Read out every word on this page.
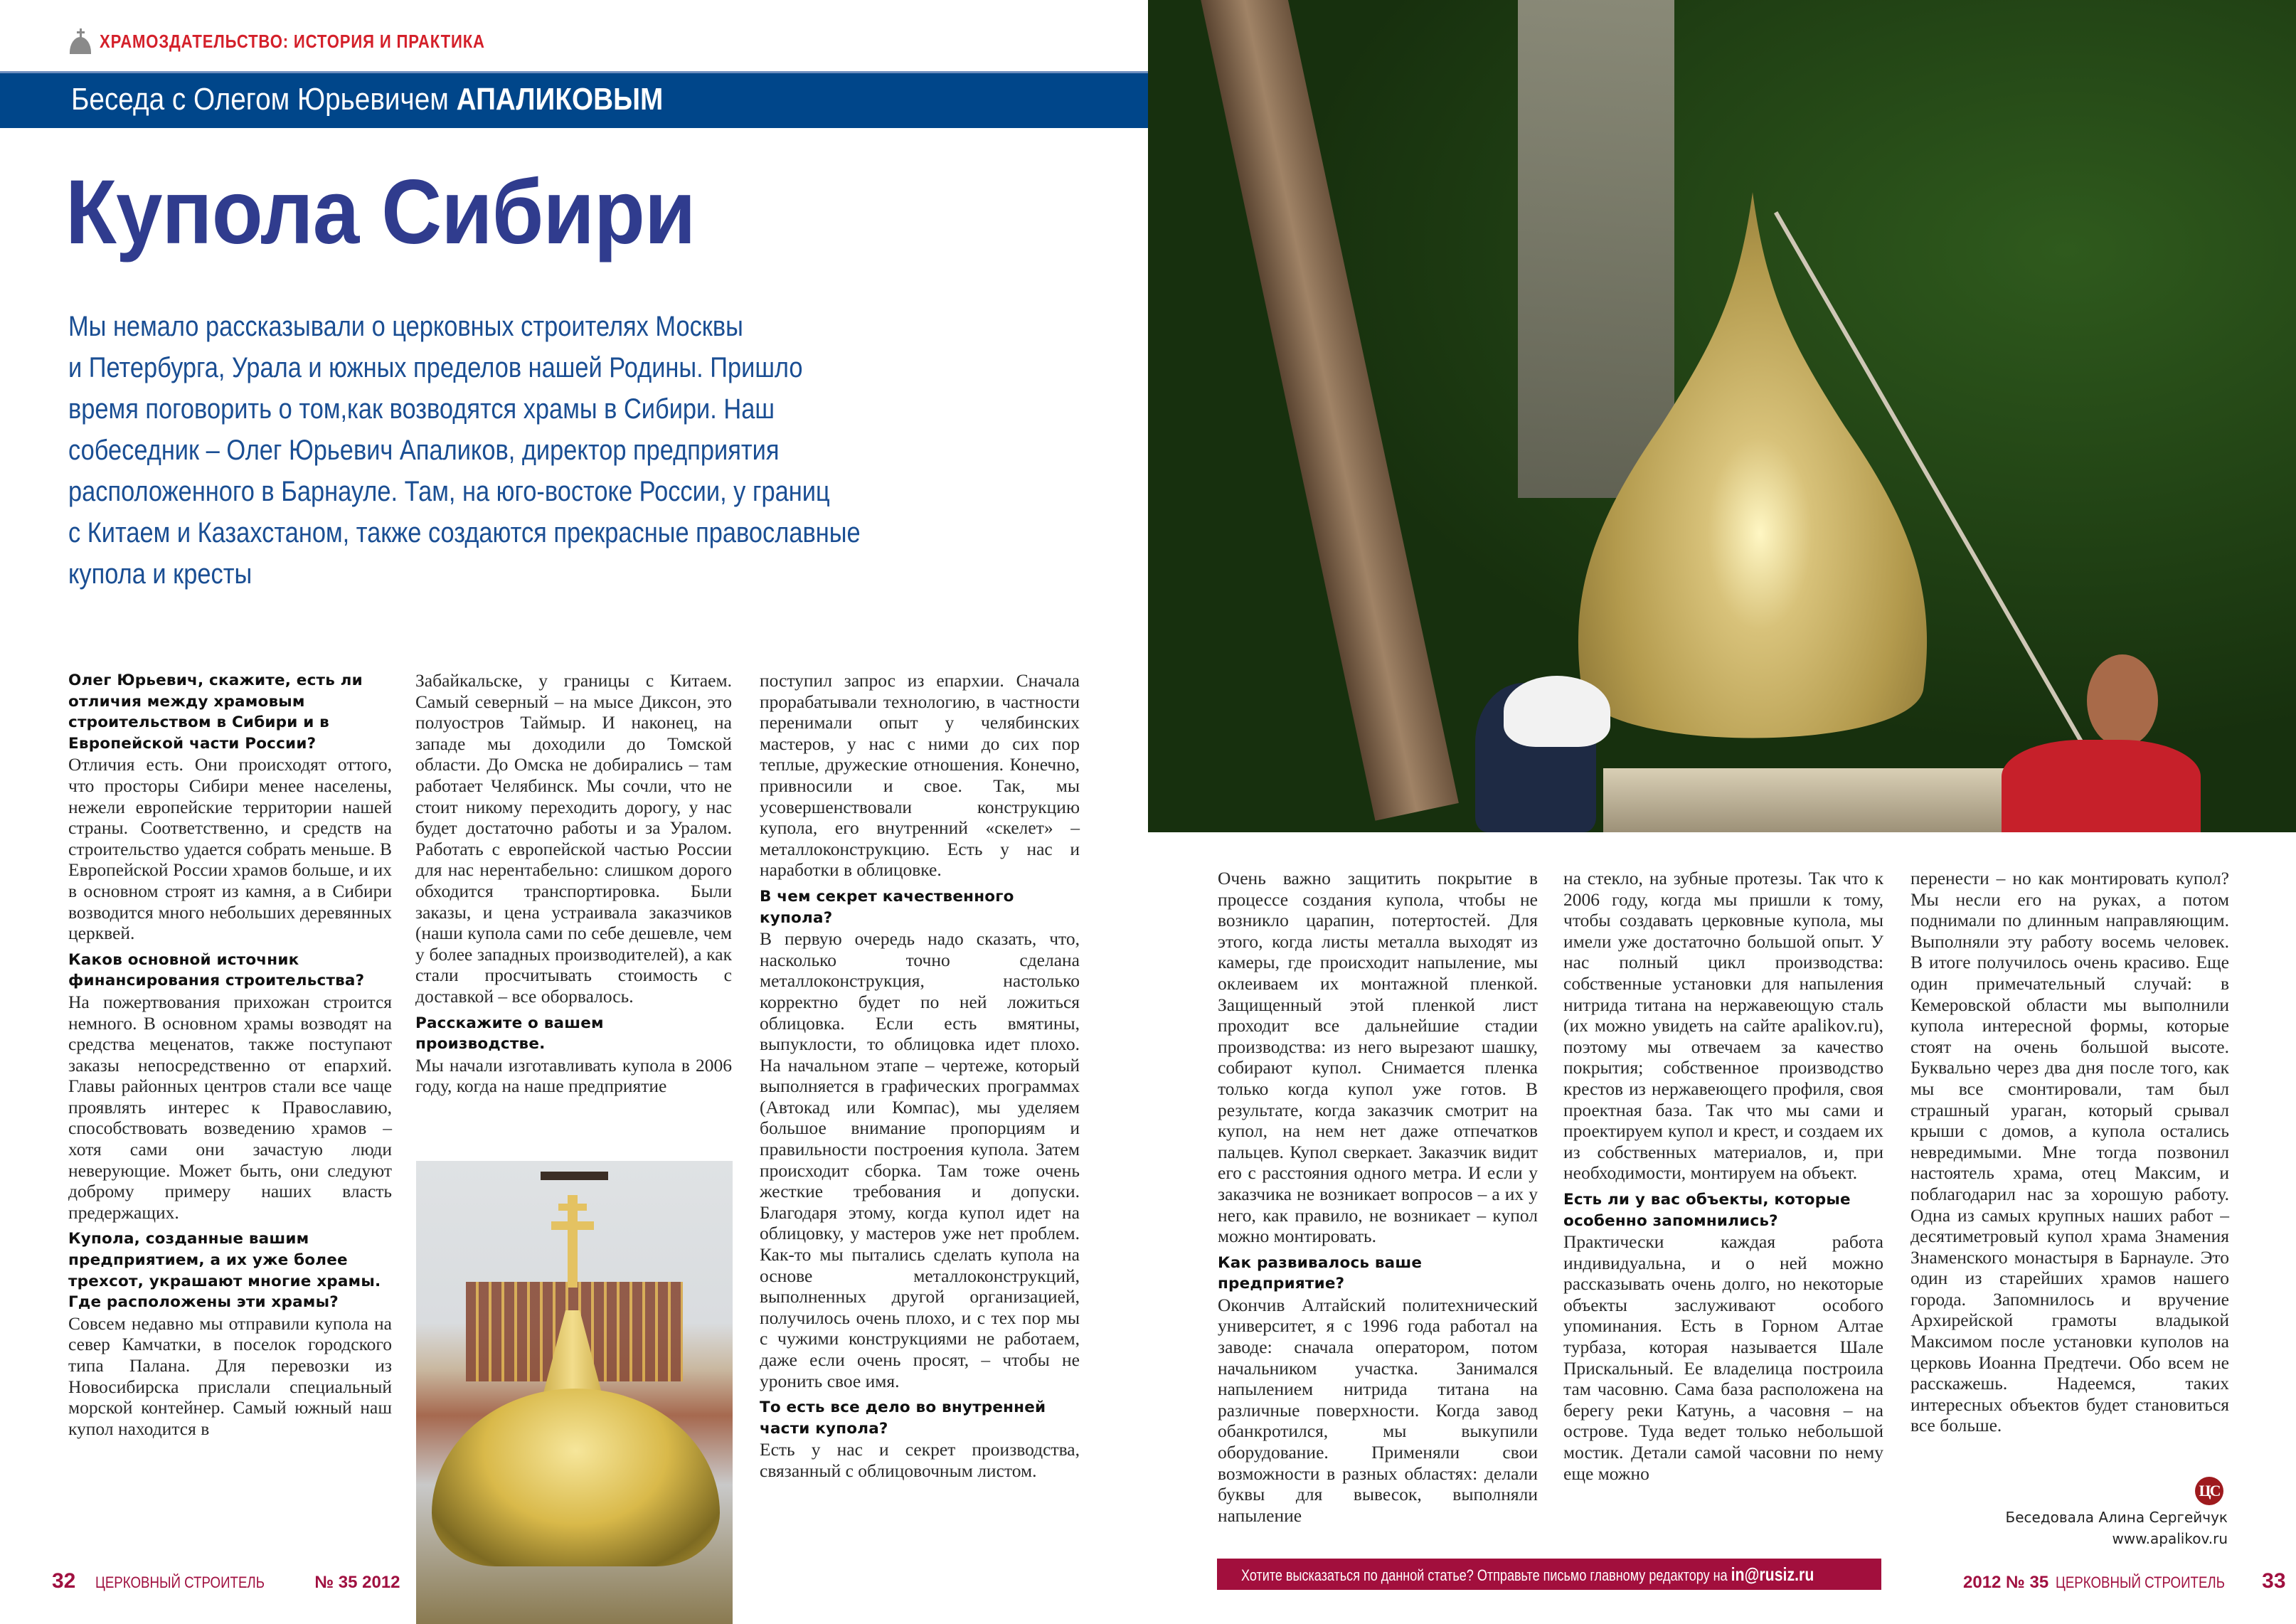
ХРАМОЗДАТЕЛЬСТВО: ИСТОРИЯ И ПРАКТИКА
Беседа с Олегом Юрьевичем АПАЛИКОВЫМ
Купола Сибири
Мы немало рассказывали о церковных строителях Москвы
и Петербурга, Урала и южных пределов нашей Родины. Пришло
время поговорить о том,как возводятся храмы в Сибири. Наш
собеседник – Олег Юрьевич Апаликов, директор предприятия
расположенного в Барнауле. Там, на юго-востоке России, у границ
с Китаем и Казахстаном, также создаются прекрасные православные
купола и кресты
Олег Юрьевич, скажите, есть ли отличия между храмовым строительством в Сибири и в Европейской части России?

Отличия есть. Они происходят оттого, что просторы Сибири менее населены, нежели европейские территории нашей страны. Соответственно, и средств на строительство удается собрать меньше. В Европейской России храмов больше, и их в основном строят из камня, а в Сибири возводится много небольших деревянных церквей.

Каков основной источник финансирования строительства?

На пожертвования прихожан строится немного. В основном храмы возводят на средства меценатов, также поступают заказы непосредственно от епархий. Главы районных центров стали все чаще проявлять интерес к Православию, способствовать возведению храмов – хотя сами они зачастую люди неверующие. Может быть, они следуют доброму примеру наших власть предержащих.

Купола, созданные вашим предприятием, а их уже более трехсот, украшают многие храмы. Где расположены эти храмы?

Совсем недавно мы отправили купола на север Камчатки, в поселок городского типа Палана. Для перевозки из Новосибирска прислали специальный морской контейнер. Самый южный наш купол находится в

Забайкальске, у границы с Китаем. Самый северный – на мысе Диксон, это полуостров Таймыр. И наконец, на западе мы доходили до Томской области. До Омска не добирались – там работает Челябинск. Мы сочли, что не стоит никому переходить дорогу, у нас будет достаточно работы и за Уралом. Работать с европейской частью России для нас нерентабельно: слишком дорого обходится транспортировка. Были заказы, и цена устраивала заказчиков (наши купола сами по себе дешевле, чем у более западных производителей), а как стали просчитывать стоимость с доставкой – все оборвалось.

Расскажите о вашем производстве.

Мы начали изготавливать купола в 2006 году, когда на наше предприятие

поступил запрос из епархии. Сначала прорабатывали технологию, в частности перенимали опыт у челябинских мастеров, у нас с ними до сих пор теплые, дружеские отношения. Конечно, привносили и свое. Так, мы усовершенствовали конструкцию купола, его внутренний «скелет» – металлоконструкцию. Есть у нас и наработки в облицовке.

В чем секрет качественного купола?

В первую очередь надо сказать, что, насколько точно сделана металлоконструкция, настолько корректно будет по ней ложиться облицовка. Если есть вмятины, выпуклости, то облицовка идет плохо. На начальном этапе – чертеже, который выполняется в графических программах (Автокад или Компас), мы уделяем большое внимание пропорциям и правильности построения купола. Затем происходит сборка. Там тоже очень жесткие требования и допуски. Благодаря этому, когда купол идет на облицовку, у мастеров уже нет проблем. Как-то мы пытались сделать купола на основе металлоконструкций, выполненных другой организацией, получилось очень плохо, и с тех пор мы с чужими конструкциями не работаем, даже если очень просят, – чтобы не уронить свое имя.

То есть все дело во внутренней части купола?

Есть у нас и секрет производства, связанный с облицовочным листом.

32 ЦЕРКОВНЫЙ СТРОИТЕЛЬ	№ 35 2012

Очень важно защитить покрытие в процессе создания купола, чтобы не возникло царапин, потертостей. Для этого, когда листы металла выходят из камеры, где происходит напыление, мы оклеиваем их монтажной пленкой. Защищенный этой пленкой лист проходит все дальнейшие стадии производства: из него вырезают шашку, собирают купол. Снимается пленка только когда купол уже готов. В результате, когда заказчик смотрит на купол, на нем нет даже отпечатков пальцев. Купол сверкает. Заказчик видит его с расстояния одного метра. И если у заказчика не возникает вопросов – а их у него, как правило, не возникает – купол можно монтировать.

Как развивалось ваше предприятие?

Окончив Алтайский политехнический университет, я с 1996 года работал на заводе: сначала оператором, потом начальником участка. Занимался напылением нитрида титана на различные поверхности. Когда завод обанкротился, мы выкупили оборудование. Применяли свои возможности в разных областях: делали буквы для вывесок, выполняли напыление

на стекло, на зубные протезы. Так что к 2006 году, когда мы пришли к тому, чтобы создавать церковные купола, мы имели уже достаточно большой опыт. У нас полный цикл производства: собственные установки для напыления нитрида титана на нержавеющую сталь (их можно увидеть на сайте apalikov.ru), поэтому мы отвечаем за качество покрытия; собственное производство крестов из нержавеющего профиля, своя проектная база. Так что мы сами и проектируем купол и крест, и создаем их из собственных материалов, и, при необходимости, монтируем на объект.

Есть ли у вас объекты, которые особенно запомнились?

Практически каждая работа индивидуальна, и о ней можно рассказывать очень долго, но некоторые объекты заслуживают особого упоминания. Есть в Горном Алтае турбаза, которая называется Шале Прискальный. Ее владелица построила там часовню. Сама база расположена на берегу реки Катунь, а часовня – на острове. Туда ведет только небольшой мостик. Детали самой часовни по нему еще можно

перенести – но как монтировать купол? Мы несли его на руках, а потом поднимали по длинным направляющим. Выполняли эту работу восемь человек. В итоге получилось очень красиво. Еще один примечательный случай: в Кемеровской области мы выполнили купола интересной формы, которые стоят на очень большой высоте. Буквально через два дня после того, как мы все смонтировали, там был страшный ураган, который срывал крыши с домов, а купола остались невредимыми. Мне тогда позвонил настоятель храма, отец Максим, и поблагодарил нас за хорошую работу. Одна из самых крупных наших работ – десятиметровый купол храма Знамения Знаменского монастыря в Барнауле. Это один из старейших храмов нашего города. Запомнилось и вручение Архирейской грамоты владыкой Максимом после установки куполов на церковь Иоанна Предтечи. Обо всем не расскажешь. Надеемся, таких интересных объектов будет становиться все больше.

ЦС
Беседовала Алина Сергейчук
www.apalikov.ru
Хотите высказаться по данной статье? Отправьте письмо главному редактору на in@rusiz.ru	2012 № 35 ЦЕРКОВНЫЙ СТРОИТЕЛЬ 33
